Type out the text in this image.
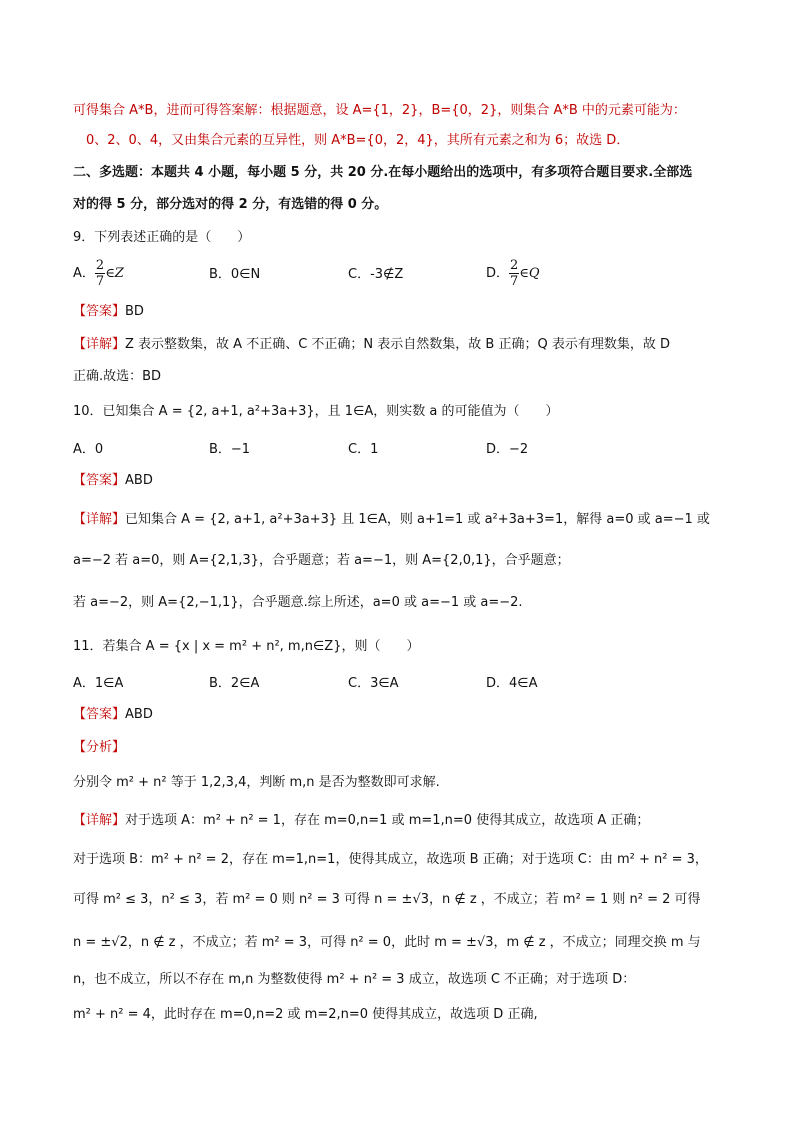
可得集合 A*B，进而可得答案解：根据题意，设 A={1，2}，B={0，2}，则集合 A*B 中的元素可能为：
0、2、0、4，又由集合元素的互异性，则 A*B={0，2，4}，其所有元素之和为 6；故选 D．
二、多选题：本题共 4 小题，每小题 5 分，共 20 分.在每小题给出的选项中，有多项符合题目要求.全部选
对的得 5 分，部分选对的得 2 分，有选错的得 0 分。
9．下列表述正确的是（　　）
A． $\frac{2}{7}$ ∈Z	B．0∈N	C．-3∉Z	D． $\frac{2}{7}$ ∈Q
【答案】BD
【详解】Z 表示整数集，故 A 不正确、C 不正确；N 表示自然数集，故 B 正确；Q 表示有理数集，故 D
正确.故选：BD
10．已知集合 A = {2, a+1, a²+3a+3}，且 1∈A，则实数 a 的可能值为（　　）
A．0	B．−1	C．1	D．−2
【答案】ABD
【详解】已知集合 A = {2, a+1, a²+3a+3} 且 1∈A，则 a+1=1 或 a²+3a+3=1，解得 a=0 或 a=−1 或
a=−2 若 a=0，则 A={2,1,3}，合乎题意；若 a=−1，则 A={2,0,1}，合乎题意；
若 a=−2，则 A={2,−1,1}，合乎题意.综上所述，a=0 或 a=−1 或 a=−2.
11．若集合 A = {x | x = m² + n², m,n∈Z}，则（　　）
A．1∈A	B．2∈A	C．3∈A	D．4∈A
【答案】ABD
【分析】
分别令 m² + n² 等于 1,2,3,4，判断 m,n 是否为整数即可求解.
【详解】对于选项 A：m² + n² = 1，存在 m=0,n=1 或 m=1,n=0 使得其成立，故选项 A 正确；
对于选项 B：m² + n² = 2，存在 m=1,n=1，使得其成立，故选项 B 正确；对于选项 C：由 m² + n² = 3，
可得 m² ≤ 3，n² ≤ 3，若 m² = 0 则 n² = 3 可得 n = ±√3，n ∉ z ，不成立；若 m² = 1 则 n² = 2 可得
n = ±√2，n ∉ z ，不成立；若 m² = 3，可得 n² = 0，此时 m = ±√3，m ∉ z ，不成立；同理交换 m 与
n，也不成立，所以不存在 m,n 为整数使得 m² + n² = 3 成立，故选项 C 不正确；对于选项 D：
m² + n² = 4，此时存在 m=0,n=2 或 m=2,n=0 使得其成立，故选项 D 正确,
